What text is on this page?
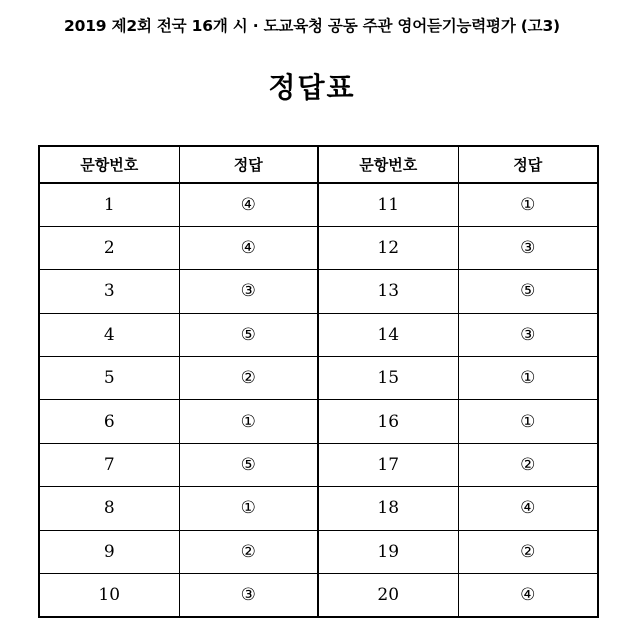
2019 제2회 전국 16개 시 · 도교육청 공동 주관 영어듣기능력평가 (고3)
정답표
문항번호	정답	문항번호	정답
1	④	11	①
2	④	12	③
3	③	13	⑤
4	⑤	14	③
5	②	15	①
6	①	16	①
7	⑤	17	②
8	①	18	④
9	②	19	②
10	③	20	④
